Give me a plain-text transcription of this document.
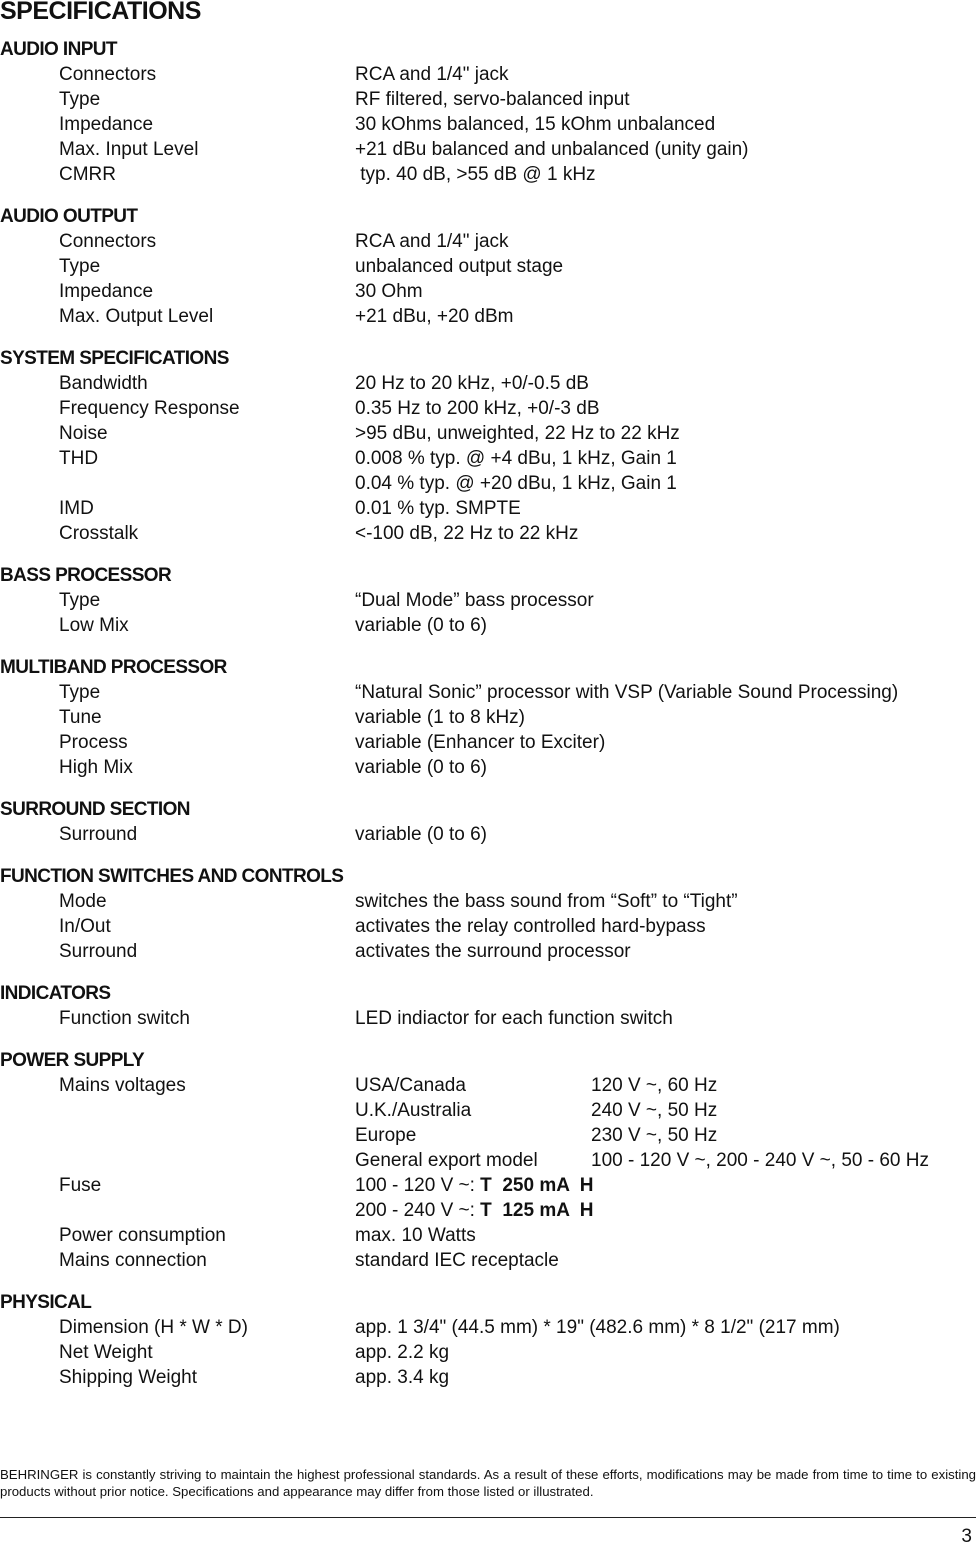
SPECIFICATIONS
AUDIO INPUT
Connectors	RCA and 1/4" jack
Type	RF filtered, servo-balanced input
Impedance	30 kOhms balanced, 15 kOhm unbalanced
Max. Input Level	+21 dBu balanced and unbalanced (unity gain)
CMRR	typ. 40 dB, >55 dB @ 1 kHz
AUDIO OUTPUT
Connectors	RCA and 1/4" jack
Type	unbalanced output stage
Impedance	30 Ohm
Max. Output Level	+21 dBu, +20 dBm
SYSTEM SPECIFICATIONS
Bandwidth	20 Hz to 20 kHz, +0/-0.5 dB
Frequency Response	0.35 Hz to 200 kHz, +0/-3 dB
Noise	>95 dBu, unweighted, 22 Hz to 22 kHz
THD	0.008 % typ. @ +4 dBu, 1 kHz, Gain 1
0.04 % typ. @ +20 dBu, 1 kHz, Gain 1
IMD	0.01 % typ. SMPTE
Crosstalk	<-100 dB, 22 Hz to 22 kHz
BASS PROCESSOR
Type	“Dual Mode” bass processor
Low Mix	variable (0 to 6)
MULTIBAND PROCESSOR
Type	“Natural Sonic” processor with VSP (Variable Sound Processing)
Tune	variable (1 to 8 kHz)
Process	variable (Enhancer to Exciter)
High Mix	variable (0 to 6)
SURROUND SECTION
Surround	variable (0 to 6)
FUNCTION SWITCHES AND CONTROLS
Mode	switches the bass sound from “Soft” to “Tight”
In/Out	activates the relay controlled hard-bypass
Surround	activates the surround processor
INDICATORS
Function switch	LED indiactor for each function switch
POWER SUPPLY
Mains voltages	USA/Canada	120 V ~, 60 Hz
U.K./Australia	240 V ~, 50 Hz
Europe	230 V ~, 50 Hz
General export model	100 - 120 V ~, 200 - 240 V ~, 50 - 60 Hz
Fuse	100 - 120 V ~: T  250 mA  H
200 - 240 V ~: T  125 mA  H
Power consumption	max. 10 Watts
Mains connection	standard IEC receptacle
PHYSICAL
Dimension (H * W * D)	app. 1 3/4" (44.5 mm) * 19" (482.6 mm) * 8 1/2" (217 mm)
Net Weight	app. 2.2 kg
Shipping Weight	app. 3.4 kg

BEHRINGER is constantly striving to maintain the highest professional standards. As a result of these efforts, modifications may be made from time to time to existing products without prior notice. Specifications and appearance may differ from those listed or illustrated.

3
